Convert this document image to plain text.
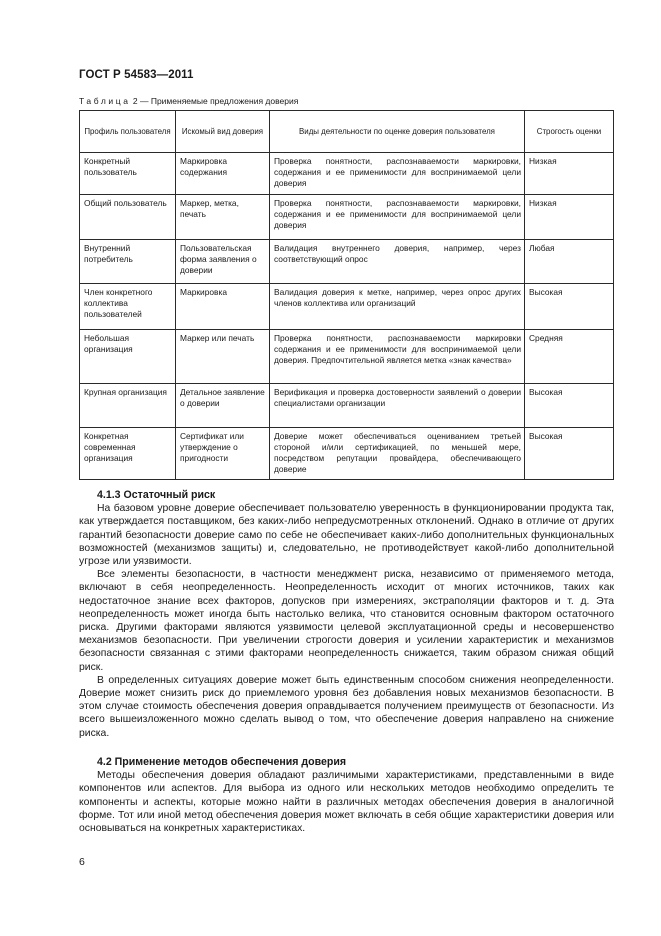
ГОСТ Р 54583—2011
Таблица 2 — Применяемые предложения доверия
Профиль пользователя	Искомый вид доверия	Виды деятельности по оценке доверия пользователя	Строгость оценки
Конкретный пользователь	Маркировка содержания	Проверка понятности, распознаваемости маркировки, содержания и ее применимости для воспринимаемой цели доверия	Низкая
Общий пользователь	Маркер, метка, печать	Проверка понятности, распознаваемости маркировки, содержания и ее применимости для воспринимаемой цели доверия	Низкая
Внутренний потребитель	Пользовательская форма заявления о доверии	Валидация внутреннего доверия, например, через соответствующий опрос	Любая
Член конкретного коллектива пользователей	Маркировка	Валидация доверия к метке, например, через опрос других членов коллектива или организаций	Высокая
Небольшая организация	Маркер или печать	Проверка понятности, распознаваемости маркировки содержания и ее применимости для воспринимаемой цели доверия. Предпочтительной является метка «знак качества»	Средняя
Крупная организация	Детальное заявление о доверии	Верификация и проверка достоверности заявлений о доверии специалистами организации	Высокая
Конкретная современная организация	Сертификат или утверждение о пригодности	Доверие может обеспечиваться оцениванием третьей стороной и/или сертификацией, по меньшей мере, посредством репутации провайдера, обеспечивающего доверие	Высокая
4.1.3 Остаточный риск

На базовом уровне доверие обеспечивает пользователю уверенность в функционировании продукта так, как утверждается поставщиком, без каких-либо непредусмотренных отклонений. Однако в отличие от других гарантий безопасности доверие само по себе не обеспечивает каких-либо дополнительных функциональных возможностей (механизмов защиты) и, следовательно, не противодействует какой-либо дополнительной угрозе или уязвимости.

Все элементы безопасности, в частности менеджмент риска, независимо от применяемого метода, включают в себя неопределенность. Неопределенность исходит от многих источников, таких как недостаточное знание всех факторов, допусков при измерениях, экстраполяции факторов и т. д. Эта неопределенность может иногда быть настолько велика, что становится основным фактором остаточного риска. Другими факторами являются уязвимости целевой эксплуатационной среды и несовершенство механизмов безопасности. При увеличении строгости доверия и усилении характеристик и механизмов безопасности связанная с этими факторами неопределенность снижается, таким образом снижая общий риск.

В определенных ситуациях доверие может быть единственным способом снижения неопределенности. Доверие может снизить риск до приемлемого уровня без добавления новых механизмов безопасности. В этом случае стоимость обеспечения доверия оправдывается получением преимуществ от безопасности. Из всего вышеизложенного можно сделать вывод о том, что обеспечение доверия направлено на снижение риска.

4.2 Применение методов обеспечения доверия

Методы обеспечения доверия обладают различимыми характеристиками, представленными в виде компонентов или аспектов. Для выбора из одного или нескольких методов необходимо определить те компоненты и аспекты, которые можно найти в различных методах обеспечения доверия в аналогичной форме. Тот или иной метод обеспечения доверия может включать в себя общие характеристики доверия или основываться на конкретных характеристиках.

6
